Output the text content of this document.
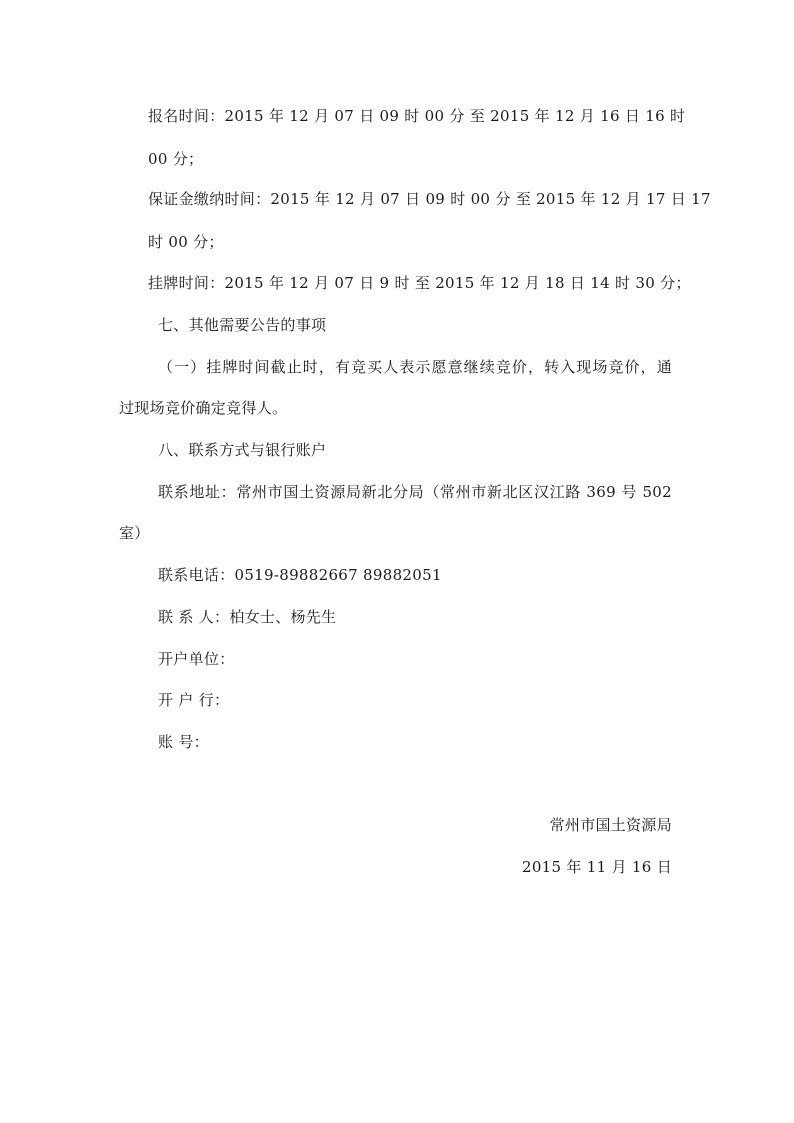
报名时间：2015 年 12 月 07 日 09 时 00 分 至 2015 年 12 月 16 日 16 时
00 分；
保证金缴纳时间：2015 年 12 月 07 日 09 时 00 分 至 2015 年 12 月 17 日 17
时 00 分；
挂牌时间：2015 年 12 月 07 日 9 时 至 2015 年 12 月 18 日 14 时 30 分；
七、其他需要公告的事项
（一）挂牌时间截止时，有竞买人表示愿意继续竞价，转入现场竞价，通
过现场竞价确定竞得人。
八、联系方式与银行账户
联系地址：常州市国土资源局新北分局（常州市新北区汉江路 369 号 502
室）
联系电话：0519-89882667 89882051
联 系 人：柏女士、杨先生
开户单位：
开 户 行：
账 号：
常州市国土资源局
2015 年 11 月 16 日
